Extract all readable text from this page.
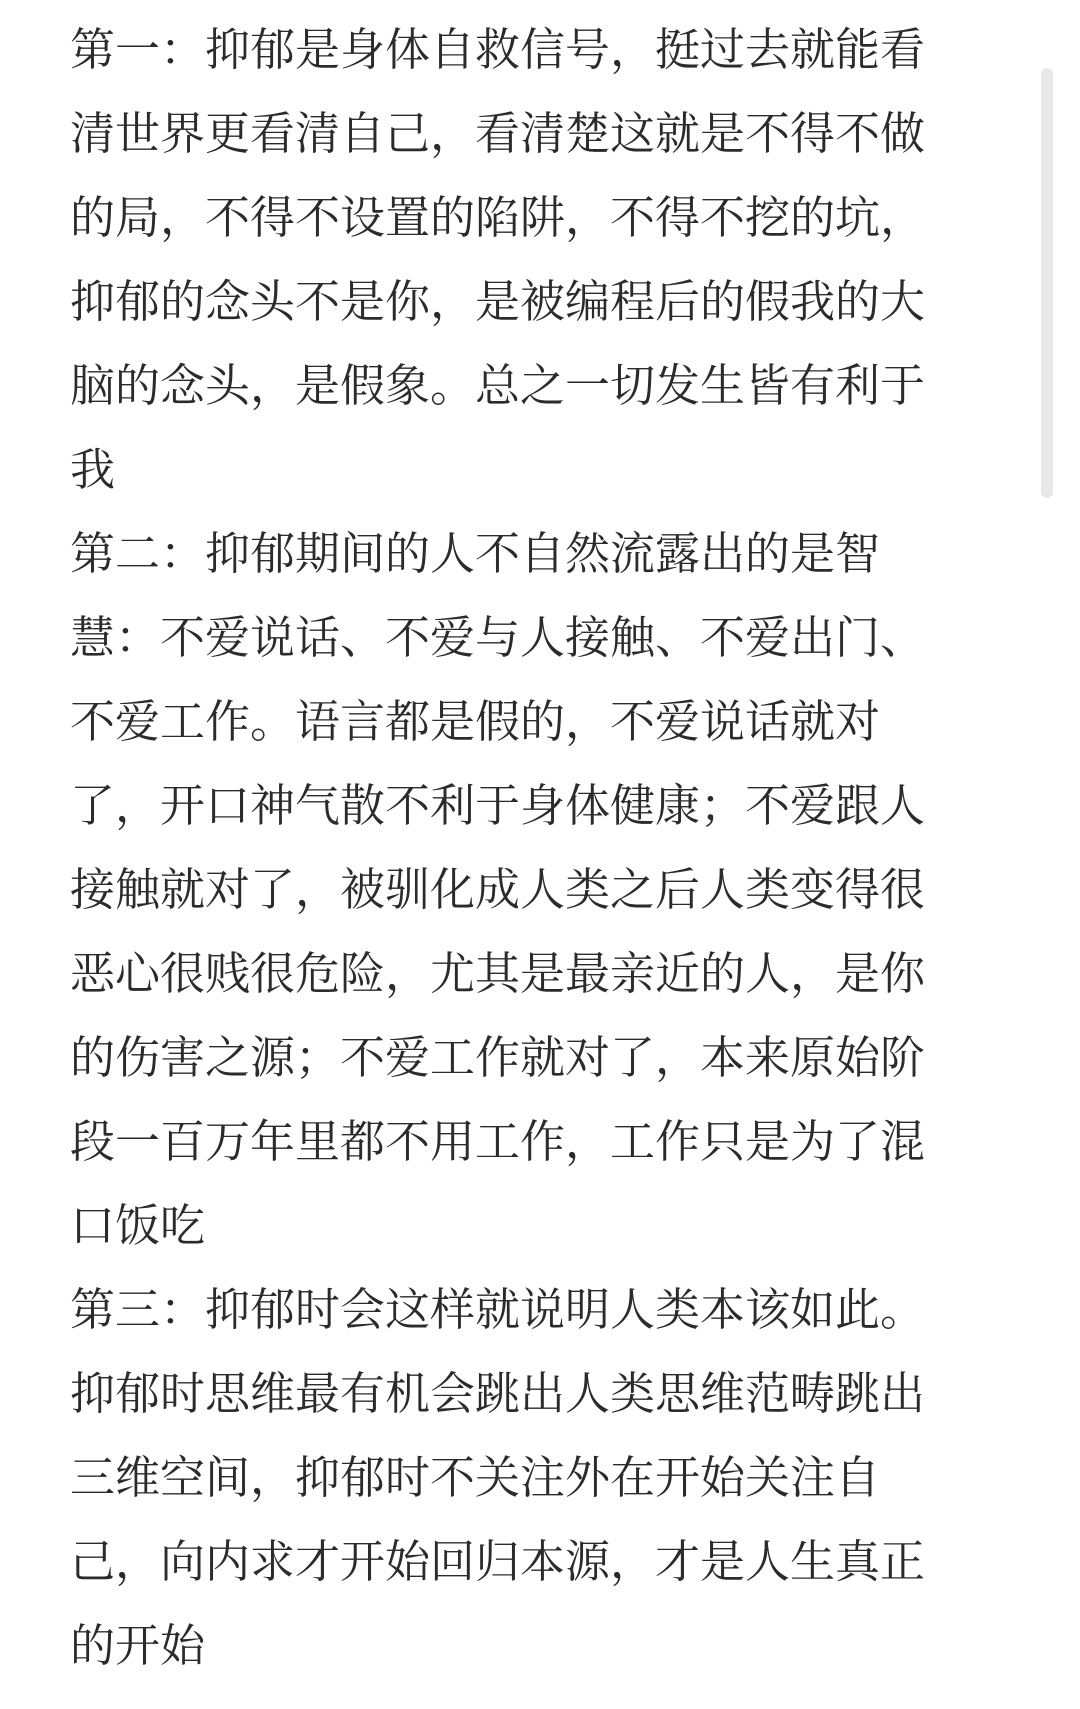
第一：抑郁是身体自救信号，挺过去就能看
清世界更看清自己，看清楚这就是不得不做
的局，不得不设置的陷阱，不得不挖的坑，
抑郁的念头不是你，是被编程后的假我的大
脑的念头，是假象。总之一切发生皆有利于
我
第二：抑郁期间的人不自然流露出的是智
慧：不爱说话、不爱与人接触、不爱出门、
不爱工作。语言都是假的，不爱说话就对
了，开口神气散不利于身体健康；不爱跟人
接触就对了，被驯化成人类之后人类变得很
恶心很贱很危险，尤其是最亲近的人，是你
的伤害之源；不爱工作就对了，本来原始阶
段一百万年里都不用工作，工作只是为了混
口饭吃
第三：抑郁时会这样就说明人类本该如此。
抑郁时思维最有机会跳出人类思维范畴跳出
三维空间，抑郁时不关注外在开始关注自
己，向内求才开始回归本源，才是人生真正
的开始
